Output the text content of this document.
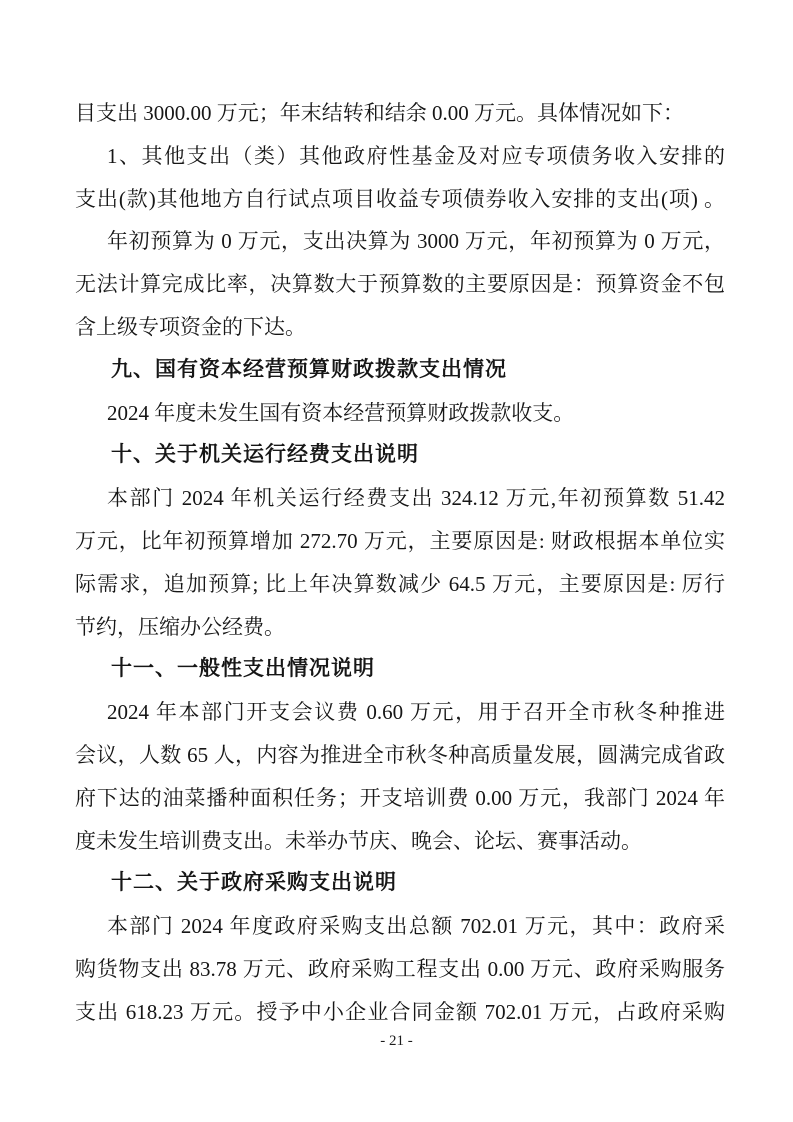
目支出 3000.00 万元；年末结转和结余 0.00 万元。具体情况如下：
1、其他支出（类）其他政府性基金及对应专项债务收入安排的
支出(款)其他地方自行试点项目收益专项债券收入安排的支出(项) 。
年初预算为 0 万元，支出决算为 3000 万元，年初预算为 0 万元，
无法计算完成比率，决算数大于预算数的主要原因是：预算资金不包
含上级专项资金的下达。
九、国有资本经营预算财政拨款支出情况
2024 年度未发生国有资本经营预算财政拨款收支。
十、关于机关运行经费支出说明
本部门 2024 年机关运行经费支出 324.12 万元,年初预算数 51.42
万元，比年初预算增加 272.70 万元，主要原因是: 财政根据本单位实
际需求，追加预算; 比上年决算数减少 64.5 万元，主要原因是: 厉行
节约，压缩办公经费。
十一、一般性支出情况说明
2024 年本部门开支会议费 0.60 万元，用于召开全市秋冬种推进
会议，人数 65 人，内容为推进全市秋冬种高质量发展，圆满完成省政
府下达的油菜播种面积任务；开支培训费 0.00 万元，我部门 2024 年
度未发生培训费支出。未举办节庆、晚会、论坛、赛事活动。
十二、关于政府采购支出说明
本部门 2024 年度政府采购支出总额 702.01 万元，其中：政府采
购货物支出 83.78 万元、政府采购工程支出 0.00 万元、政府采购服务
支出 618.23 万元。授予中小企业合同金额 702.01 万元，占政府采购
- 21 -
